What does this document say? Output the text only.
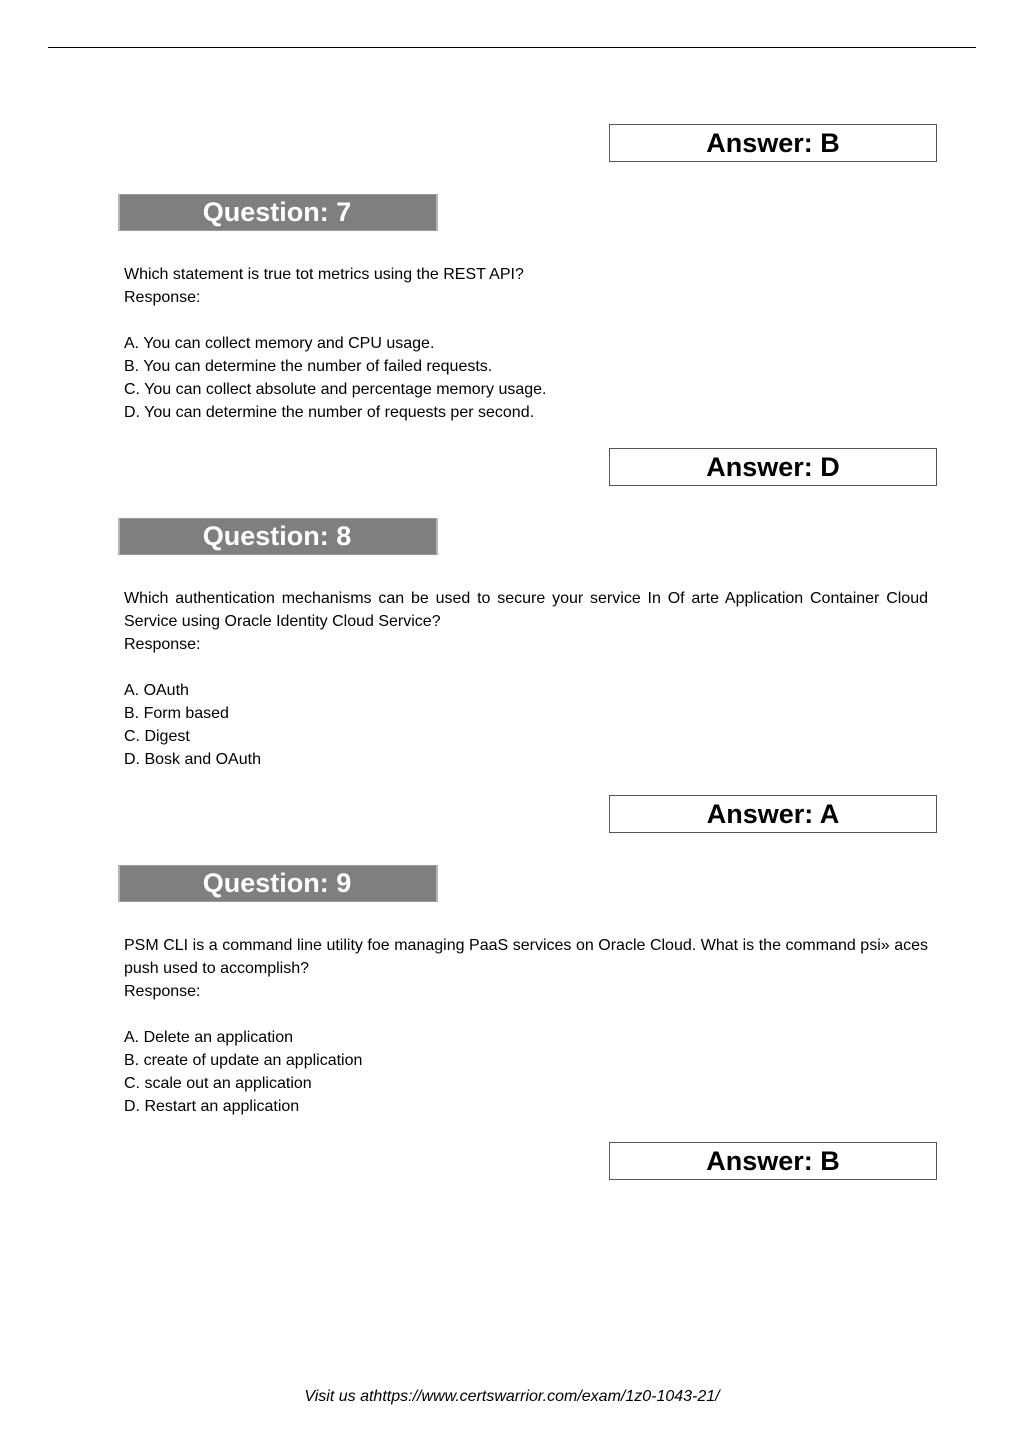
Answer: B
Question: 7
Which statement is true tot metrics using the REST API?
Response:
A. You can collect memory and CPU usage.
B. You can determine the number of failed requests.
C. You can collect absolute and percentage memory usage.
D. You can determine the number of requests per second.
Answer: D
Question: 8
Which authentication mechanisms can be used to secure your service In Of arte Application Container Cloud Service using Oracle Identity Cloud Service?
Response:
A. OAuth
B. Form based
C. Digest
D. Bosk and OAuth
Answer: A
Question: 9
PSM CLI is a command line utility foe managing PaaS services on Oracle Cloud. What is the command psi» aces push used to accomplish?
Response:
A. Delete an application
B. create of update an application
C. scale out an application
D. Restart an application
Answer: B
Visit us athttps://www.certswarrior.com/exam/1z0-1043-21/
